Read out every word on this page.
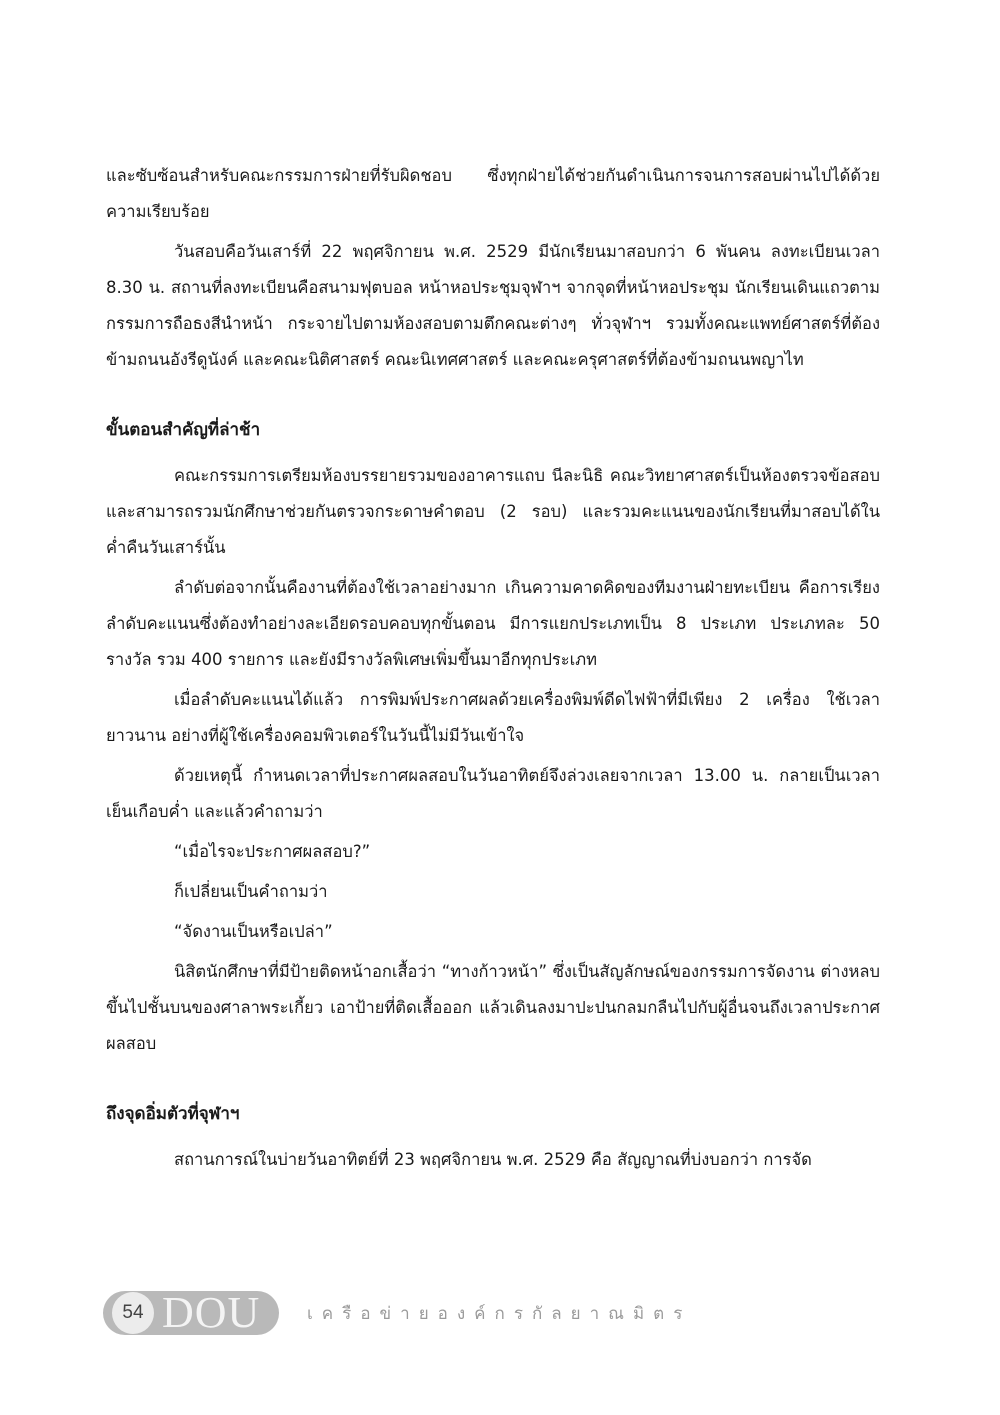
และซับซ้อนสำหรับคณะกรรมการฝ่ายที่รับผิดชอบ ซึ่งทุกฝ่ายได้ช่วยกันดำเนินการจนการสอบผ่านไปได้ด้วยความเรียบร้อย

วันสอบคือวันเสาร์ที่ 22 พฤศจิกายน พ.ศ. 2529 มีนักเรียนมาสอบกว่า 6 พันคน ลงทะเบียนเวลา 8.30 น. สถานที่ลงทะเบียนคือสนามฟุตบอล หน้าหอประชุมจุฬาฯ จากจุดที่หน้าหอประชุม นักเรียนเดินแถวตามกรรมการถือธงสีนำหน้า กระจายไปตามห้องสอบตามตึกคณะต่างๆ ทั่วจุฬาฯ รวมทั้งคณะแพทย์ศาสตร์ที่ต้องข้ามถนนอังรีดูนังค์ และคณะนิติศาสตร์ คณะนิเทศศาสตร์ และคณะครุศาสตร์ที่ต้องข้ามถนนพญาไท

ขั้นตอนสำคัญที่ล่าช้า

คณะกรรมการเตรียมห้องบรรยายรวมของอาคารแถบ นีละนิธิ คณะวิทยาศาสตร์เป็นห้องตรวจข้อสอบและสามารถรวมนักศึกษาช่วยกันตรวจกระดาษคำตอบ (2 รอบ) และรวมคะแนนของนักเรียนที่มาสอบได้ในค่ำคืนวันเสาร์นั้น

ลำดับต่อจากนั้นคืองานที่ต้องใช้เวลาอย่างมาก เกินความคาดคิดของทีมงานฝ่ายทะเบียน คือการเรียงลำดับคะแนนซึ่งต้องทำอย่างละเอียดรอบคอบทุกขั้นตอน มีการแยกประเภทเป็น 8 ประเภท ประเภทละ 50 รางวัล รวม 400 รายการ และยังมีรางวัลพิเศษเพิ่มขึ้นมาอีกทุกประเภท

เมื่อลำดับคะแนนได้แล้ว การพิมพ์ประกาศผลด้วยเครื่องพิมพ์ดีดไฟฟ้าที่มีเพียง 2 เครื่อง ใช้เวลายาวนาน อย่างที่ผู้ใช้เครื่องคอมพิวเตอร์ในวันนี้ไม่มีวันเข้าใจ

ด้วยเหตุนี้ กำหนดเวลาที่ประกาศผลสอบในวันอาทิตย์จึงล่วงเลยจากเวลา 13.00 น. กลายเป็นเวลาเย็นเกือบค่ำ และแล้วคำถามว่า

“เมื่อไรจะประกาศผลสอบ?”

ก็เปลี่ยนเป็นคำถามว่า

“จัดงานเป็นหรือเปล่า”

นิสิตนักศึกษาที่มีป้ายติดหน้าอกเสื้อว่า “ทางก้าวหน้า” ซึ่งเป็นสัญลักษณ์ของกรรมการจัดงาน ต่างหลบขึ้นไปชั้นบนของศาลาพระเกี้ยว เอาป้ายที่ติดเสื้อออก แล้วเดินลงมาปะปนกลมกลืนไปกับผู้อื่นจนถึงเวลาประกาศผลสอบ

ถึงจุดอิ่มตัวที่จุฬาฯ

สถานการณ์ในบ่ายวันอาทิตย์ที่ 23 พฤศจิกายน พ.ศ. 2529 คือ สัญญาณที่บ่งบอกว่า การจัด

54 DOU	เครือข่ายองค์กรกัลยาณมิตร
